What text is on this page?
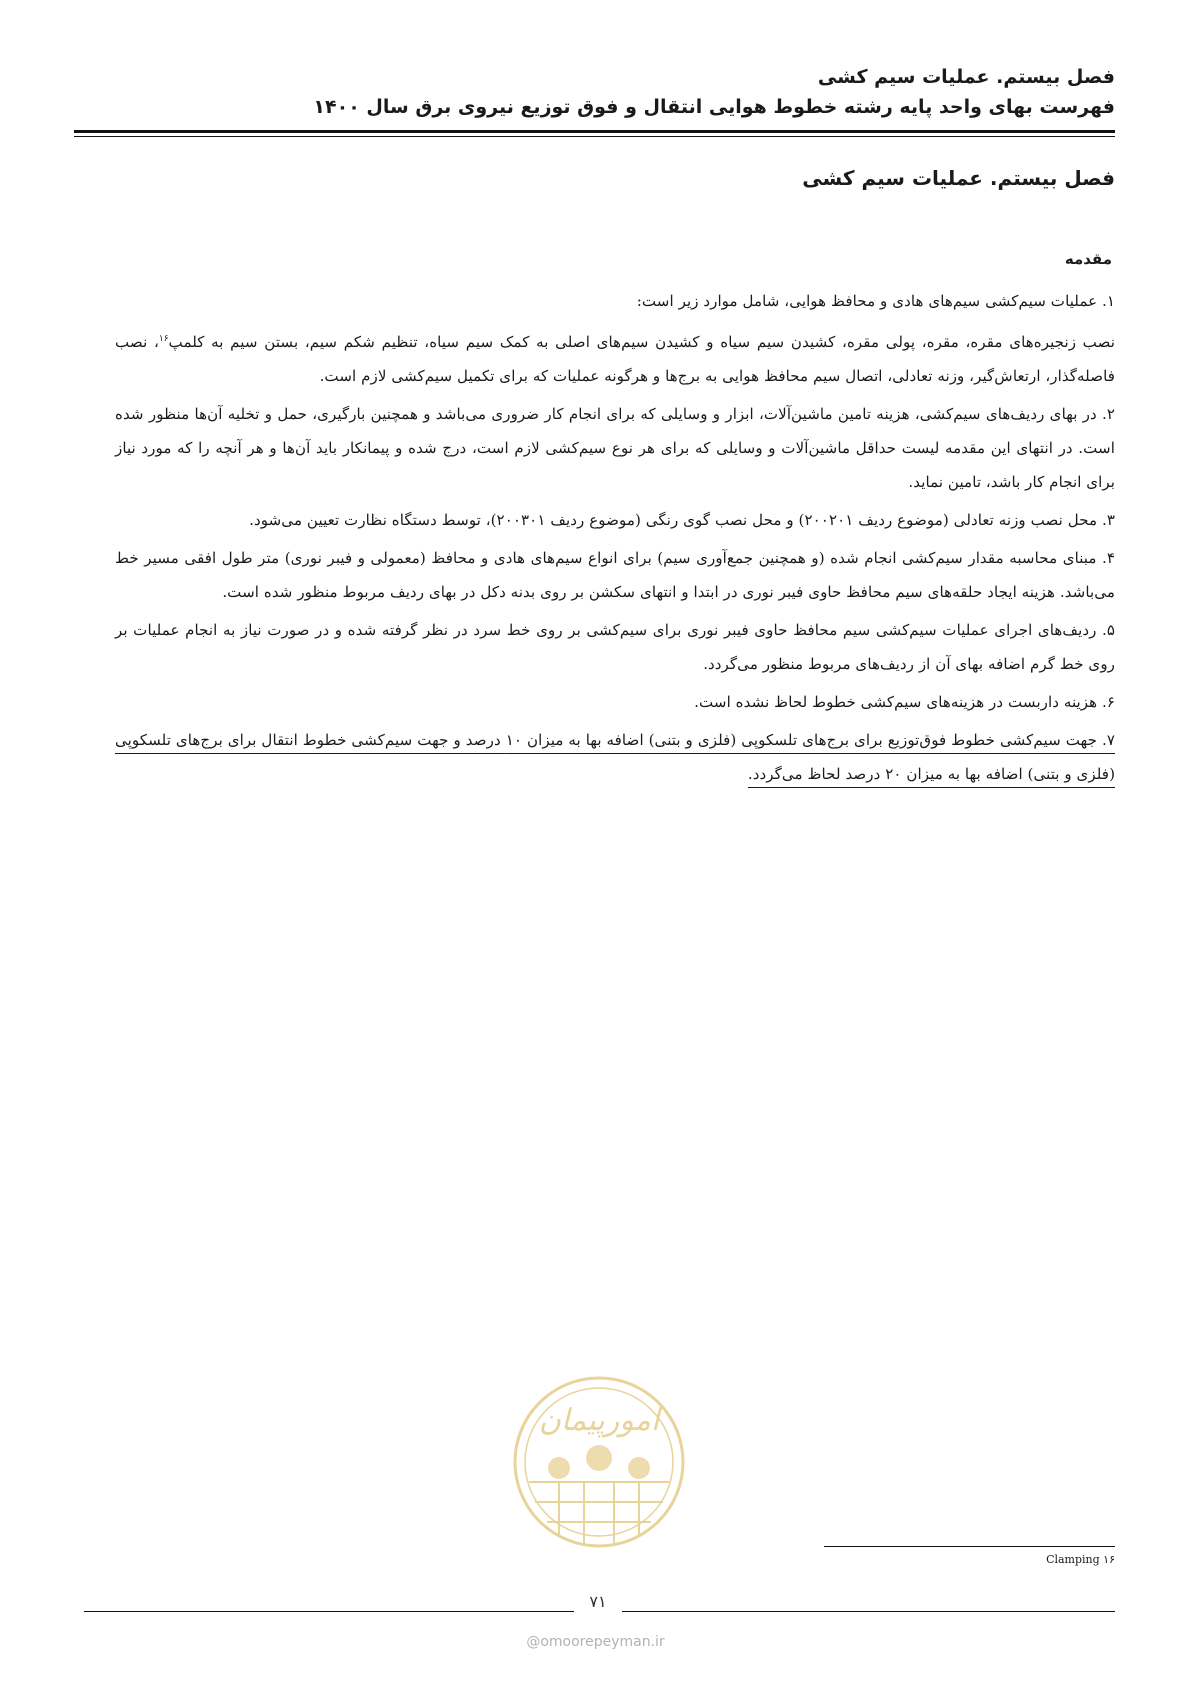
فصل بیستم. عملیات سیم کشی
فهرست بهای واحد پایه رشته خطوط هوایی انتقال و فوق توزیع نیروی برق سال ۱۴۰۰
فصل بیستم. عملیات سیم کشی
مقدمه

۱. عملیات سیم‌کشی سیم‌های هادی و محافظ هوایی، شامل موارد زیر است:

نصب زنجیره‌های مقره، مقره، پولی مقره، کشیدن سیم سیاه و کشیدن سیم‌های اصلی به کمک سیم سیاه، تنظیم شکم سیم، بستن سیم به کلمپ$^{۱۶}$، نصب فاصله‌گذار، ارتعاش‌گیر، وزنه تعادلی، اتصال سیم محافظ هوایی به برج‌ها و هرگونه عملیات که برای تکمیل سیم‌کشی لازم است.

۲. در بهای ردیف‌های سیم‌کشی، هزینه تامین ماشین‌آلات، ابزار و وسایلی که برای انجام کار ضروری می‌باشد و همچنین بارگیری، حمل و تخلیه آن‌ها منظور شده است. در انتهای این مقدمه لیست حداقل ماشین‌آلات و وسایلی که برای هر نوع سیم‌کشی لازم است، درج شده و پیمانکار باید آن‌ها و هر آنچه را که مورد نیاز برای انجام کار باشد، تامین نماید.

۳. محل نصب وزنه تعادلی (موضوع ردیف ۲۰۰۲۰۱) و محل نصب گوی رنگی (موضوع ردیف ۲۰۰۳۰۱)، توسط دستگاه نظارت تعیین می‌شود.

۴. مبنای محاسبه مقدار سیم‌کشی انجام شده (و همچنین جمع‌آوری سیم) برای انواع سیم‌های هادی و محافظ (معمولی و فیبر نوری) متر طول افقی مسیر خط می‌باشد. هزینه ایجاد حلقه‌های سیم محافظ حاوی فیبر نوری در ابتدا و انتهای سکشن بر روی بدنه دکل در بهای ردیف مربوط منظور شده است.

۵. ردیف‌های اجرای عملیات سیم‌کشی سیم محافظ حاوی فیبر نوری برای سیم‌کشی بر روی خط سرد در نظر گرفته شده و در صورت نیاز به انجام عملیات بر روی خط گرم اضافه بهای آن از ردیف‌های مربوط منظور می‌گردد.

۶. هزینه داربست در هزینه‌های سیم‌کشی خطوط لحاظ نشده است.

۷. جهت سیم‌کشی خطوط فوق‌توزیع برای برج‌های تلسکوپی (فلزی و بتنی) اضافه بها به میزان ۱۰ درصد و جهت سیم‌کشی خطوط انتقال برای برج‌های تلسکوپی (فلزی و بتنی) اضافه بها به میزان ۲۰ درصد لحاظ می‌گردد.

امورپیمان
۱۶ Clamping
۷۱
@omoorepeyman.ir
